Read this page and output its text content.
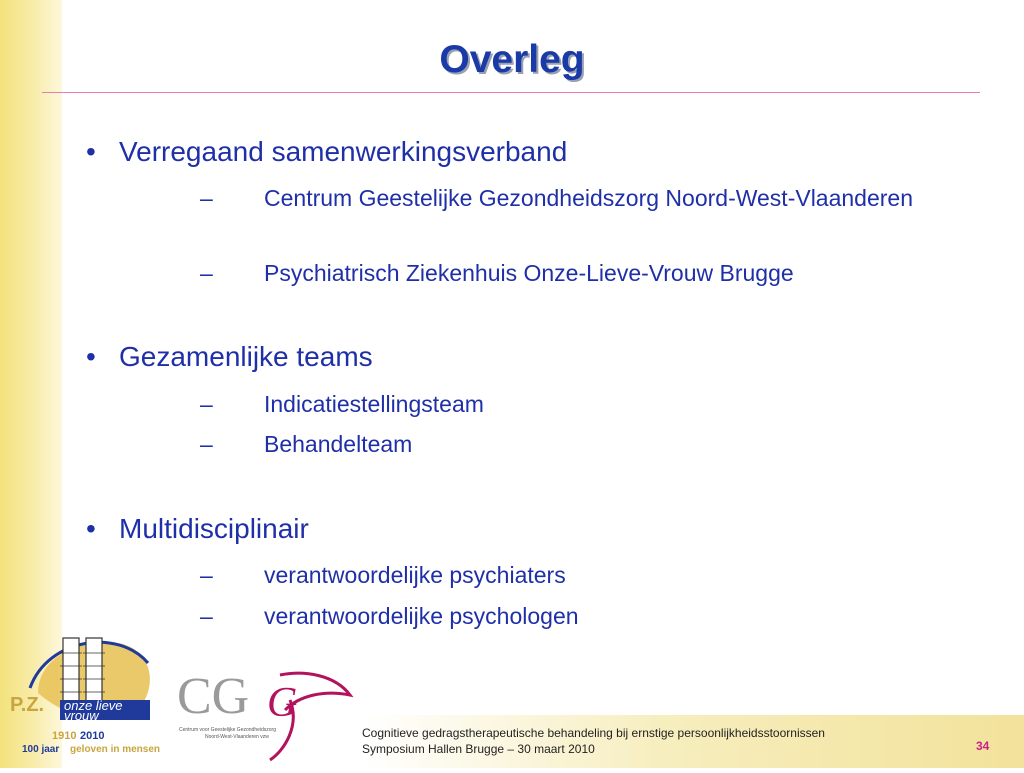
Overleg
• Verregaand samenwerkingsverband
– Centrum Geestelijke Gezondheidszorg Noord-West-Vlaanderen
– Psychiatrisch Ziekenhuis Onze-Lieve-Vrouw Brugge
• Gezamenlijke teams
– Indicatiestellingsteam
– Behandelteam
• Multidisciplinair
– verantwoordelijke psychiaters
– verantwoordelijke psychologen
P.Z. onze lieve vrouw
1910 2010
100 jaar geloven in mensen
CG G
Centrum voor Geestelijke Gezondheidszorg
Noord-West-Vlaanderen vzw	Cognitieve gedragstherapeutische behandeling bij ernstige persoonlijkheidsstoornissen
Symposium Hallen Brugge – 30 maart 2010	34
